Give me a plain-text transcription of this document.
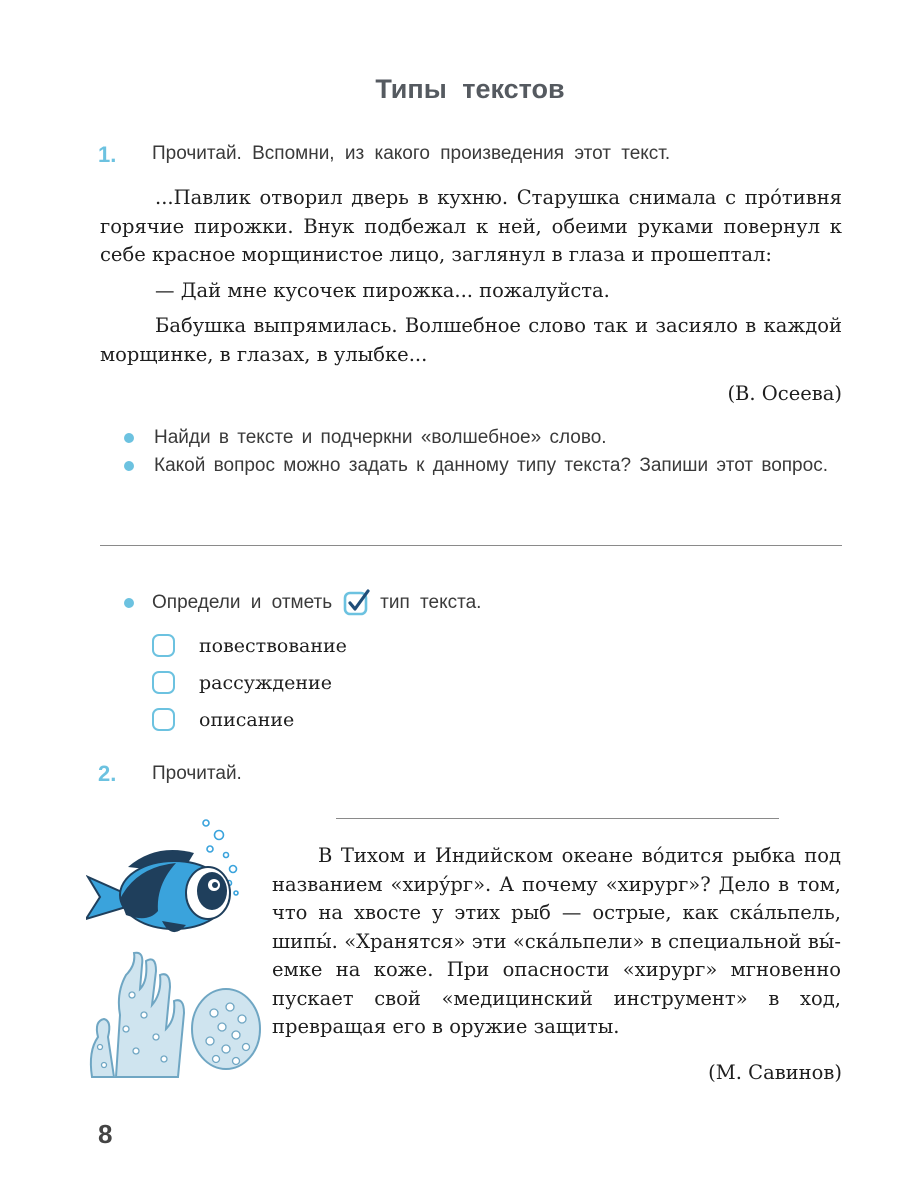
Типы текстов
1. Прочитай. Вспомни, из какого произведения этот текст.

...Павлик отворил дверь в кухню. Старушка снимала с про́тивня горячие пирожки. Внук подбежал к ней, обеими руками повернул к себе красное морщинистое лицо, заглянул в глаза и прошептал:

— Дай мне кусочек пирожка... пожалуйста.

Бабушка выпрямилась. Волшебное слово так и засияло в каждой морщинке, в глазах, в улыбке...

(В. Осеева)
Найди в тексте и подчеркни «волшебное» слово.
Какой вопрос можно задать к данному типу текста? Запиши этот вопрос.
Определи и отметь	тип текста.
повествование
рассуждение
описание
2. Прочитай.

В Тихом и Индийском океане во́дится рыбка под названием «хиру́рг». А почему «хирург»? Дело в том, что на хвосте у этих рыб — острые, как ска́льпель, шипы́. «Хранятся» эти «ска́льпели» в специальной вы́емке на коже. При опасности «хирург» мгновенно пускает свой «медицинский инструмент» в ход, превращая его в оружие защиты.

(М. Савинов)
8
